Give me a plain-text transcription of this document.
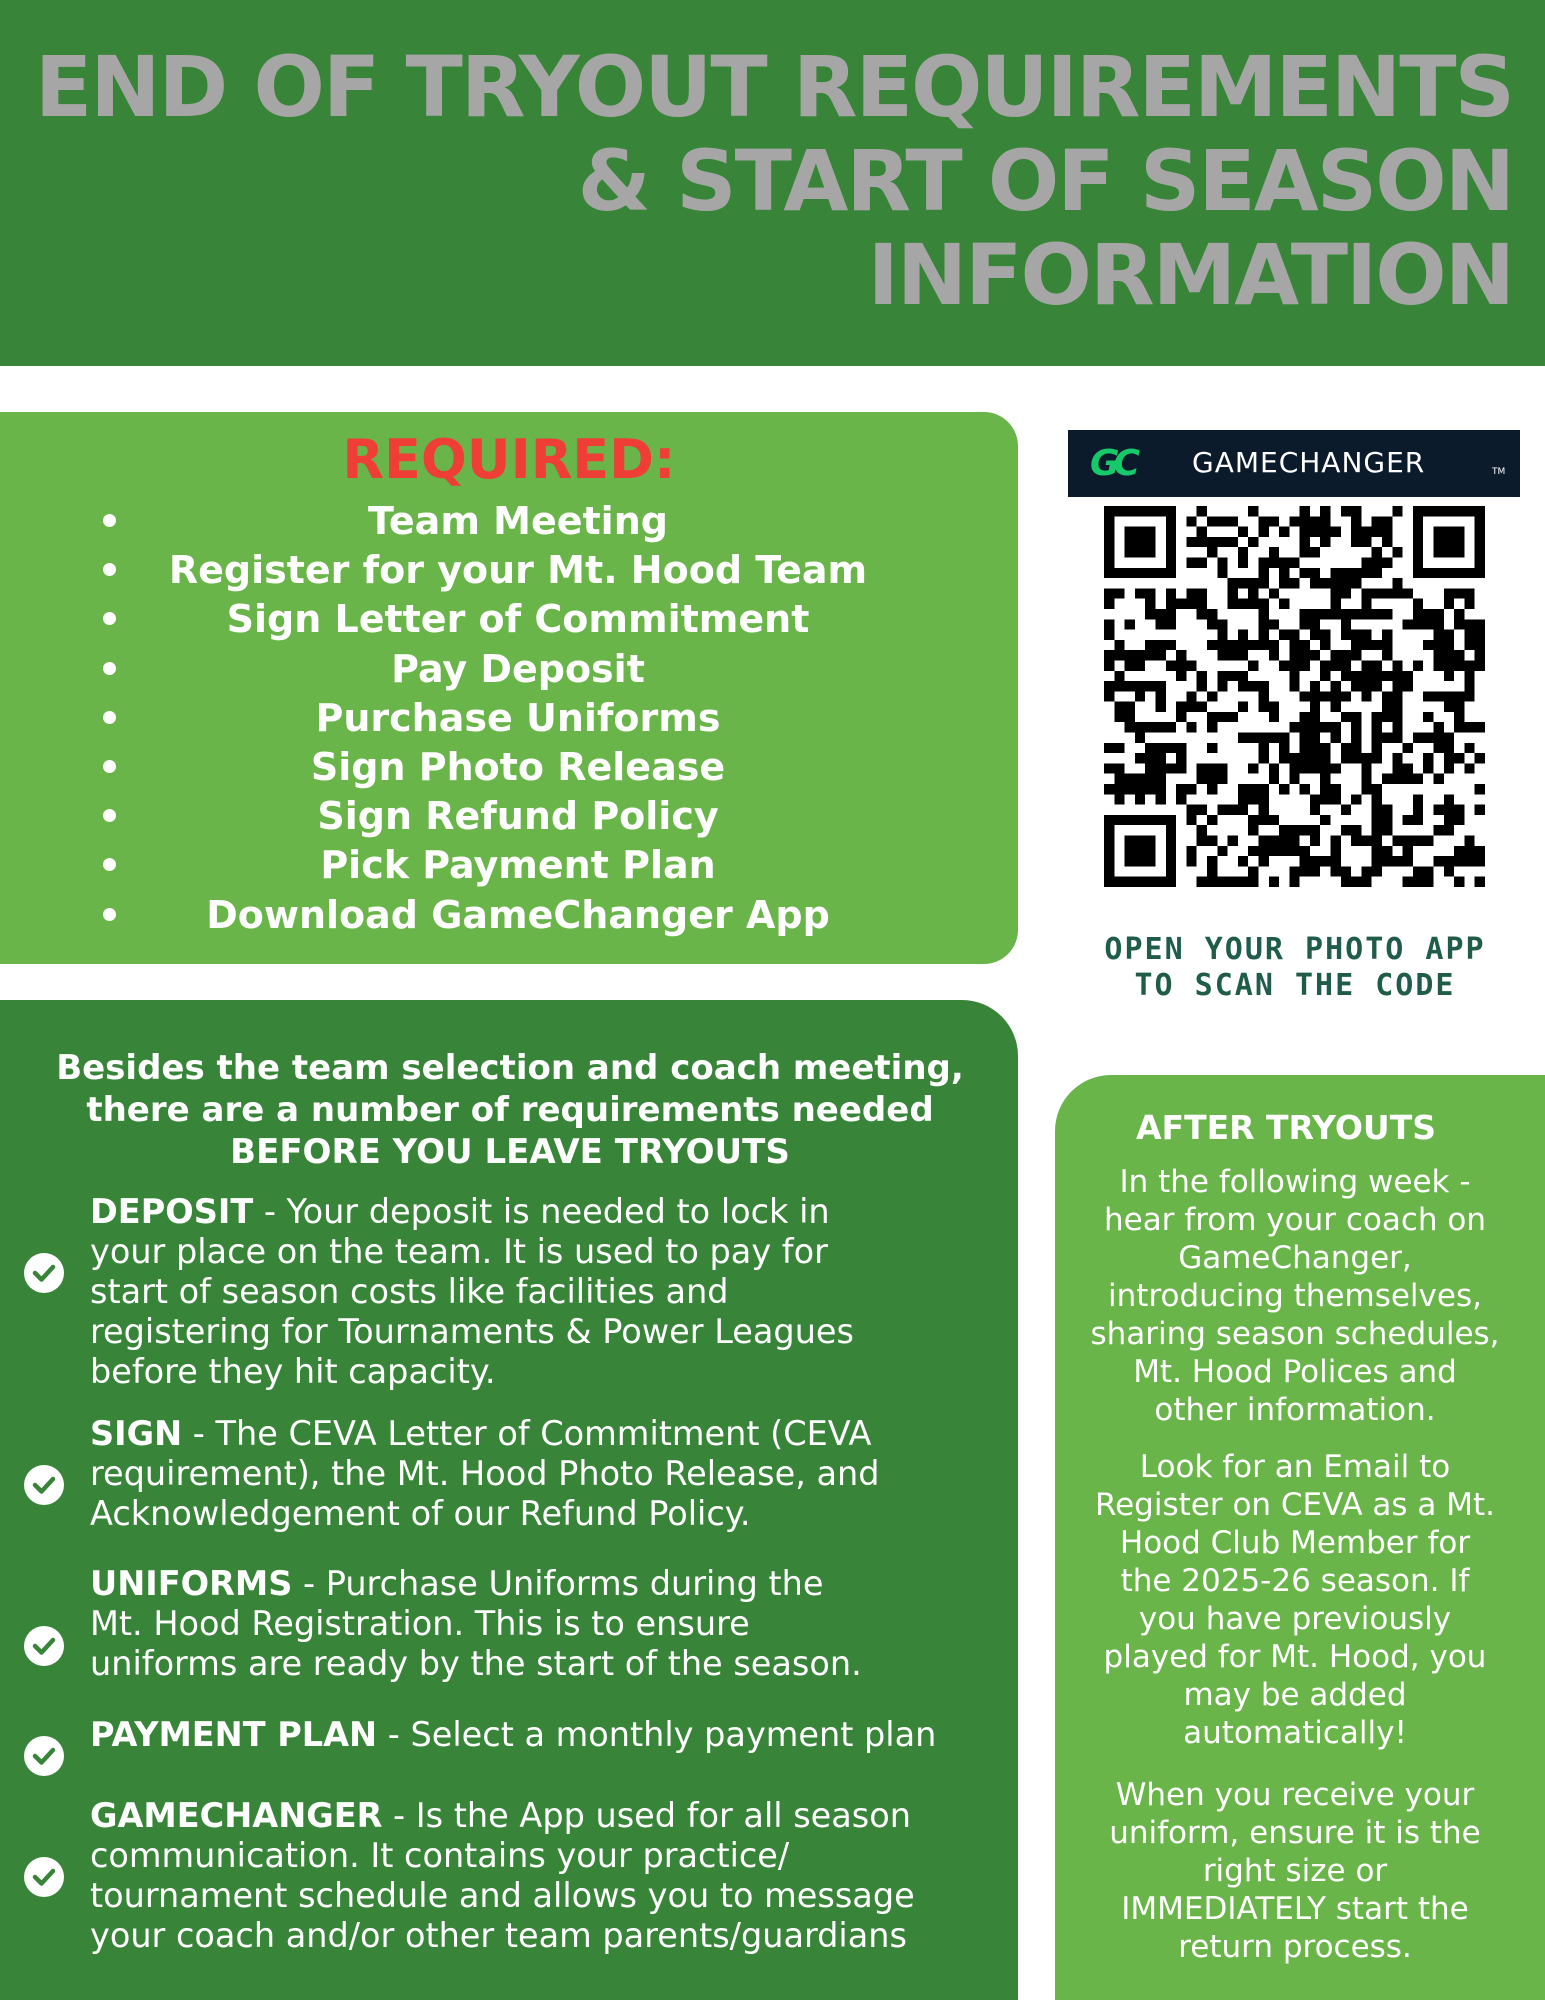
END OF TRYOUT REQUIREMENTS
& START OF SEASON
INFORMATION
REQUIRED:
Team Meeting
Register for your Mt. Hood Team
Sign Letter of Commitment
Pay Deposit
Purchase Uniforms
Sign Photo Release
Sign Refund Policy
Pick Payment Plan
Download GameChanger App
GC GAMECHANGER	TM

OPEN YOUR PHOTO APP
TO SCAN THE CODE

Besides the team selection and coach meeting,
there are a number of requirements needed
BEFORE YOU LEAVE TRYOUTS

DEPOSIT - Your deposit is needed to lock in
your place on the team. It is used to pay for
start of season costs like facilities and
registering for Tournaments & Power Leagues
before they hit capacity.

SIGN - The CEVA Letter of Commitment (CEVA
requirement), the Mt. Hood Photo Release, and
Acknowledgement of our Refund Policy.

UNIFORMS - Purchase Uniforms during the
Mt. Hood Registration. This is to ensure
uniforms are ready by the start of the season.

PAYMENT PLAN - Select a monthly payment plan

GAMECHANGER - Is the App used for all season
communication. It contains your practice/
tournament schedule and allows you to message
your coach and/or other team parents/guardians

AFTER TRYOUTS

In the following week -
hear from your coach on
GameChanger,
introducing themselves,
sharing season schedules,
Mt. Hood Polices and
other information.

Look for an Email to
Register on CEVA as a Mt.
Hood Club Member for
the 2025-26 season. If
you have previously
played for Mt. Hood, you
may be added
automatically!

When you receive your
uniform, ensure it is the
right size or
IMMEDIATELY start the
return process.
